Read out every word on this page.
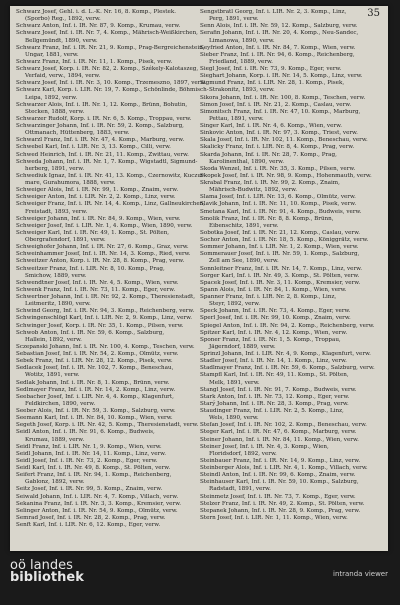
35
Schwarz Josef, Gehl. i. d. L.-K. Nr. 16, 8. Komp., Plestek.
(Sporbo) Reg., 1892, verw.
Schwarz Anton, Inf. i. IR. Nr. 87, 9. Komp., Krumau, verw.
Schwarz Josef, Inf. i. IR. Nr. 7, 4. Komp., Mährisch-Weißkirchen,
Bellgemündt, 1890, verw.
Schwarz Franz, Inf. i. IR. Nr. 21, 9. Komp., Prag-Bergreichenstein,
Ungar, 1881, verw.
Schwarz Franz, Inf. i. IR. Nr. 11, 1. Komp., Pisek, verw.
Schwarz Josef, Korp. i. IR. Nr. 82, 2. Komp., Székely-Kalotaszeg,
Verfaid, verw., 1894, verw.
Schwarz Josef, Inf. i. IR. Nr. 3, 10. Komp., Trzemeszno, 1897, verw.
Schwarz Karl, Korp. i. LIR. Nr. 19, 7. Komp., Schönlinde, Böhmisch-
Leipa, 1892, verw.
Schwarzer Alois, Inf. i. IR. Nr. 1, 12. Komp., Brünn, Bohutin,
Stecken, 1888, verw.
Schwarzer Rudolf, Korp. i. IR. Nr. 6, 5. Komp., Troppau, verw.
Schwarzinger Johann, Inf. i. IR. Nr. 59, 2. Komp., Salzburg,
Ottmanach, Hüttenberg, 1883, verw.
Schwarzl Franz, Inf. i. IR. Nr. 47, 4. Komp., Marburg, verw.
Schwebel Karl, Inf. i. LIR. Nr. 3, 13. Komp., Cilli, verw.
Schwed Heinrich, Inf. i. IR. Nr. 21, 11. Komp., Zwittau, verw.
Schweda Johann, Inf. i. IR. Nr. 1, 7. Komp., Wigstadtl, Sigmund-
herberg, 1891, verw.
Schwediuk Ignaz, Inf. i. IR. Nr. 41, 13. Komp., Czernowitz, Kuczur-
mare, Gurahumora, 1888, verw.
Schweiger Alois, Inf. i. IR. Nr. 99, 1. Komp., Znaim, verw.
Schweiger Anton, Inf. i. LIR. Nr. 2, 2. Komp., Linz, verw.
Schweiger Franz, Inf. i. IR. Nr. 14, 4. Komp., Linz, Gallneukirchen,
Freistadt, 1893, verw.
Schweiger Johann, Inf. i. IR. Nr. 84, 9. Komp., Wien, verw.
Schweiger Josef, Inf. i. LIR. Nr. 1, 4. Komp., Wien, 1890, verw.
Schweiger Karl, Inf. i. IR. Nr. 49, 1. Komp., St. Pölten,
Obergrafendorf, 1891, verw.
Schweighofer Johann, Inf. i. IR. Nr. 27, 6. Komp., Graz, verw.
Schweinhammer Josef, Inf. i. IR. Nr. 14, 3. Komp., Ried, verw.
Schweitzer Anton, Korp. i. IR. Nr. 28, 8. Komp., Prag, verw.
Schweitzer Franz, Inf. i. LIR. Nr. 8, 10. Komp., Prag,
Smichow, 1889, verw.
Schwendtner Josef, Inf. i. IR. Nr. 4, 5. Komp., Wien, verw.
Schwenk Franz, Inf. i. IR. Nr. 73, 11. Komp., Eger, verw.
Schwertner Johann, Inf. i. IR. Nr. 92, 2. Komp., Theresienstadt,
Leitmeritz, 1890, verw.
Schwind Georg, Inf. i. IR. Nr. 94, 3. Komp., Reichenberg, verw.
Schwingenschlögl Karl, Inf. i. LIR. Nr. 2, 9. Komp., Linz, verw.
Schwinger Josef, Korp. i. IR. Nr. 35, 1. Komp., Pilsen, verw.
Schwob Anton, Inf. i. IR. Nr. 59, 6. Komp., Salzburg,
Hallein, 1892, verw.
Sczepanski Johann, Inf. i. IR. Nr. 100, 4. Komp., Teschen, verw.
Sebastian Josef, Inf. i. IR. Nr. 54, 2. Komp., Olmütz, verw.
Sebek Franz, Inf. i. LIR. Nr. 28, 12. Komp., Pisek, verw.
Sedlacek Josef, Inf. i. IR. Nr. 102, 7. Komp., Beneschau,
Wotitz, 1891, verw.
Sedlak Johann, Inf. i. IR. Nr. 8, 1. Komp., Brünn, verw.
Sedlmayer Franz, Inf. i. IR. Nr. 14, 2. Komp., Linz, verw.
Seebacher Josef, Inf. i. LIR. Nr. 4, 4. Komp., Klagenfurt,
Feldkirchen, 1890, verw.
Seeber Alois, Inf. i. IR. Nr. 59, 3. Komp., Salzburg, verw.
Seemann Karl, Inf. i. IR. Nr. 84, 10. Komp., Wien, verw.
Segeth Josef, Korp. i. IR. Nr. 42, 5. Komp., Theresienstadt, verw.
Seidl Anton, Inf. i. IR. Nr. 91, 6. Komp., Budweis,
Krumau, 1889, verw.
Seidl Franz, Inf. i. LIR. Nr. 1, 9. Komp., Wien, verw.
Seidl Johann, Inf. i. IR. Nr. 14, 11. Komp., Linz, verw.
Seidl Josef, Inf. i. IR. Nr. 73, 2. Komp., Eger, verw.
Seidl Karl, Inf. i. IR. Nr. 49, 8. Komp., St. Pölten, verw.
Seifert Franz, Inf. i. IR. Nr. 94, 1. Komp., Reichenberg,
Gablonz, 1892, verw.
Seitz Josef, Inf. i. IR. Nr. 99, 5. Komp., Znaim, verw.
Seiwald Johann, Inf. i. LIR. Nr. 4, 7. Komp., Villach, verw.
Sekanina Franz, Inf. i. IR. Nr. 3, 3. Komp., Kremsier, verw.
Selinger Anton, Inf. i. IR. Nr. 54, 9. Komp., Olmütz, verw.
Semrad Josef, Inf. i. IR. Nr. 28, 2. Komp., Prag, verw.
Senft Karl, Inf. i. LIR. Nr. 6, 12. Komp., Eger, verw.
Sengstbratl Georg, Inf. i. LIR. Nr. 2, 3. Komp., Linz,
Perg, 1891, verw.
Senn Alois, Inf. i. IR. Nr. 59, 12. Komp., Salzburg, verw.
Serafin Johann, Inf. i. IR. Nr. 20, 4. Komp., Neu-Sandec,
Limanowa, 1890, verw.
Seyfried Anton, Inf. i. IR. Nr. 84, 7. Komp., Wien, verw.
Sieber Franz, Inf. i. IR. Nr. 94, 6. Komp., Reichenberg,
Friedland, 1889, verw.
Siegl Josef, Inf. i. IR. Nr. 73, 9. Komp., Eger, verw.
Sieghart Johann, Korp. i. IR. Nr. 14, 5. Komp., Linz, verw.
Sigmund Franz, Inf. i. LIR. Nr. 28, 1. Komp., Pisek,
Strakonitz, 1893, verw.
Sikora Johann, Inf. i. IR. Nr. 100, 8. Komp., Teschen, verw.
Simon Josef, Inf. i. IR. Nr. 21, 2. Komp., Caslau, verw.
Simonitsch Franz, Inf. i. IR. Nr. 47, 10. Komp., Marburg,
Pettau, 1891, verw.
Singer Karl, Inf. i. IR. Nr. 4, 6. Komp., Wien, verw.
Sinkovic Anton, Inf. i. IR. Nr. 97, 3. Komp., Triest, verw.
Skala Josef, Inf. i. IR. Nr. 102, 11. Komp., Beneschau, verw.
Skalicky Franz, Inf. i. LIR. Nr. 8, 4. Komp., Prag, verw.
Skarda Johann, Inf. i. IR. Nr. 28, 7. Komp., Prag,
Karolinenthal, 1890, verw.
Skoda Wenzel, Inf. i. IR. Nr. 35, 3. Komp., Pilsen, verw.
Skopek Josef, Inf. i. IR. Nr. 98, 9. Komp., Hohenmauth, verw.
Skrabal Franz, Inf. i. IR. Nr. 99, 2. Komp., Znaim,
Mährisch-Budwitz, 1892, verw.
Slama Josef, Inf. i. LIR. Nr. 13, 6. Komp., Olmütz, verw.
Slavik Johann, Inf. i. IR. Nr. 11, 10. Komp., Pisek, verw.
Smetana Karl, Inf. i. IR. Nr. 91, 4. Komp., Budweis, verw.
Smolik Franz, Inf. i. IR. Nr. 8, 8. Komp., Brünn,
Eibenschitz, 1891, verw.
Sobotka Josef, Inf. i. IR. Nr. 21, 12. Komp., Caslau, verw.
Sochor Anton, Inf. i. IR. Nr. 18, 5. Komp., Königgrätz, verw.
Sommer Johann, Inf. i. LIR. Nr. 1, 2. Komp., Wien, verw.
Sommerauer Josef, Inf. i. IR. Nr. 59, 1. Komp., Salzburg,
Zell am See, 1890, verw.
Sonnleitner Franz, Inf. i. IR. Nr. 14, 7. Komp., Linz, verw.
Sorger Karl, Inf. i. IR. Nr. 49, 3. Komp., St. Pölten, verw.
Spacek Josef, Inf. i. IR. Nr. 3, 11. Komp., Kremsier, verw.
Spann Alois, Inf. i. IR. Nr. 84, 1. Komp., Wien, verw.
Spanner Franz, Inf. i. LIR. Nr. 2, 8. Komp., Linz,
Steyr, 1892, verw.
Speck Johann, Inf. i. IR. Nr. 73, 4. Komp., Eger, verw.
Sperl Josef, Inf. i. IR. Nr. 99, 10. Komp., Znaim, verw.
Spiegel Anton, Inf. i. IR. Nr. 94, 2. Komp., Reichenberg, verw.
Spitzer Karl, Inf. i. IR. Nr. 4, 12. Komp., Wien, verw.
Sponer Franz, Inf. i. IR. Nr. 1, 5. Komp., Troppau,
Jägerndorf, 1889, verw.
Sprinzl Johann, Inf. i. LIR. Nr. 4, 9. Komp., Klagenfurt, verw.
Stadler Josef, Inf. i. IR. Nr. 14, 1. Komp., Linz, verw.
Stadlmayer Franz, Inf. i. IR. Nr. 59, 6. Komp., Salzburg, verw.
Stampfl Karl, Inf. i. IR. Nr. 49, 11. Komp., St. Pölten,
Melk, 1891, verw.
Stangl Josef, Inf. i. IR. Nr. 91, 7. Komp., Budweis, verw.
Stark Anton, Inf. i. IR. Nr. 73, 12. Komp., Eger, verw.
Starý Johann, Inf. i. IR. Nr. 28, 3. Komp., Prag, verw.
Staudinger Franz, Inf. i. LIR. Nr. 2, 5. Komp., Linz,
Wels, 1890, verw.
Stefan Josef, Inf. i. IR. Nr. 102, 2. Komp., Beneschau, verw.
Steger Karl, Inf. i. IR. Nr. 47, 6. Komp., Marburg, verw.
Steiner Johann, Inf. i. IR. Nr. 84, 11. Komp., Wien, verw.
Steiner Josef, Inf. i. IR. Nr. 4, 3. Komp., Wien,
Floridsdorf, 1892, verw.
Steinbauer Franz, Inf. i. IR. Nr. 14, 9. Komp., Linz, verw.
Steinberger Alois, Inf. i. LIR. Nr. 4, 1. Komp., Villach, verw.
Steindl Anton, Inf. i. IR. Nr. 99, 6. Komp., Znaim, verw.
Steinhauser Karl, Inf. i. IR. Nr. 59, 10. Komp., Salzburg,
Radstadt, 1891, verw.
Steinmetz Josef, Inf. i. IR. Nr. 73, 7. Komp., Eger, verw.
Stelzer Franz, Inf. i. IR. Nr. 49, 2. Komp., St. Pölten, verw.
Stepanek Johann, Inf. i. IR. Nr. 28, 9. Komp., Prag, verw.
Stern Josef, Inf. i. LIR. Nr. 1, 11. Komp., Wien, verw.
oö landes
bibliothek	intranda viewer
